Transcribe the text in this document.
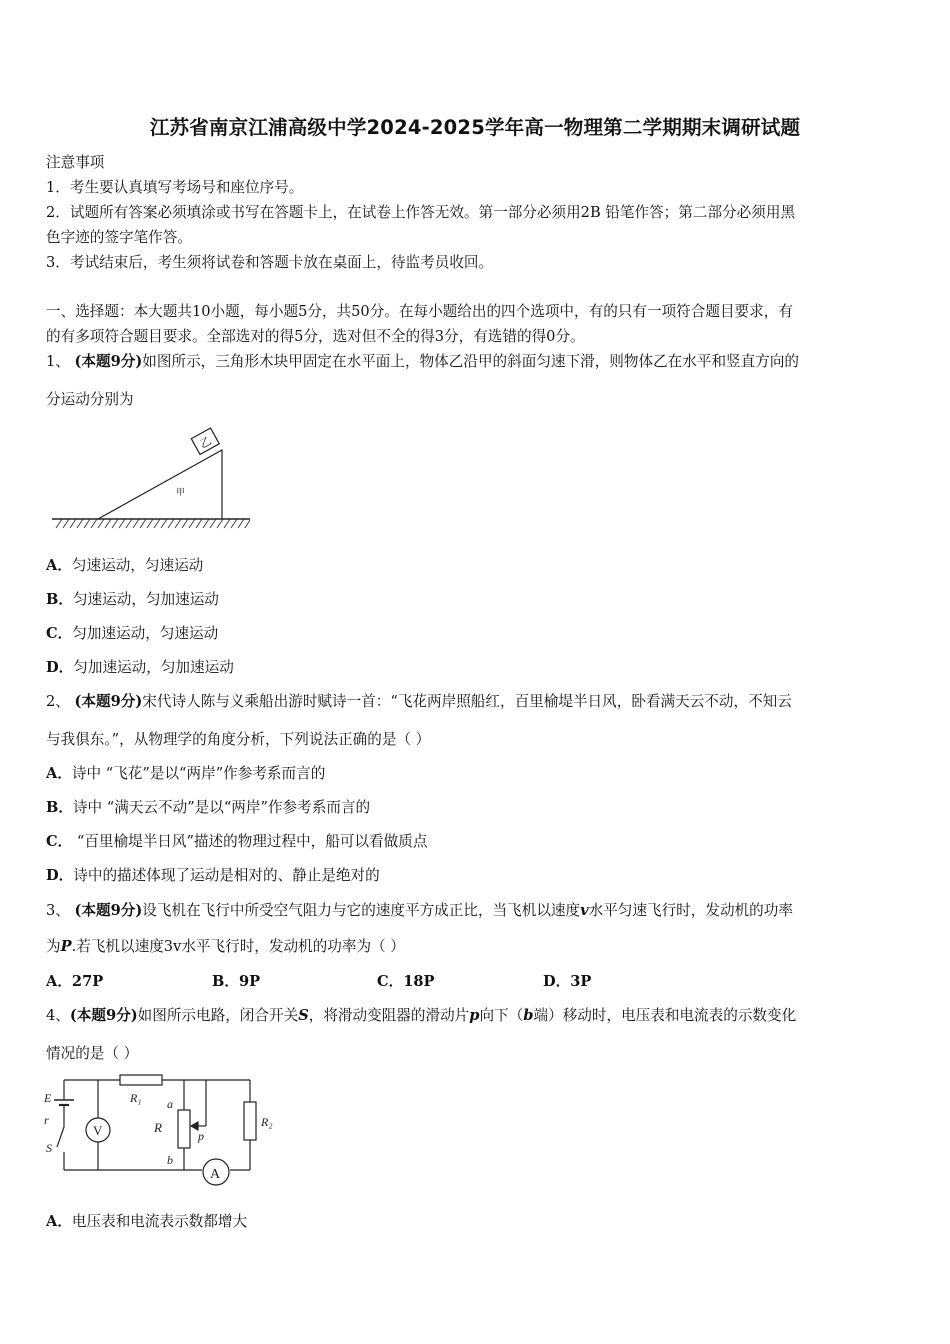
江苏省南京江浦高级中学2024-2025学年高一物理第二学期期末调研试题
注意事项
1．考生要认真填写考场号和座位序号。
2．试题所有答案必须填涂或书写在答题卡上，在试卷上作答无效。第一部分必须用2B 铅笔作答；第二部分必须用黑
色字迹的签字笔作答。
3．考试结束后，考生须将试卷和答题卡放在桌面上，待监考员收回。
一、选择题：本大题共10小题，每小题5分，共50分。在每小题给出的四个选项中，有的只有一项符合题目要求，有
的有多项符合题目要求。全部选对的得5分，选对但不全的得3分，有选错的得0分。
1、 (本题9分)如图所示，三角形木块甲固定在水平面上，物体乙沿甲的斜面匀速下滑，则物体乙在水平和竖直方向的
分运动分别为
乙
甲
A．匀速运动，匀速运动
B．匀速运动，匀加速运动
C．匀加速运动，匀速运动
D．匀加速运动，匀加速运动
2、 (本题9分)宋代诗人陈与义乘船出游时赋诗一首：“飞花两岸照船红，百里榆堤半日风，卧看满天云不动，不知云
与我俱东。”，从物理学的角度分析，下列说法正确的是（ ）
A．诗中 “飞花”是以“两岸”作参考系而言的
B．诗中 “满天云不动”是以“两岸”作参考系而言的
C． “百里榆堤半日风”描述的物理过程中，船可以看做质点
D．诗中的描述体现了运动是相对的、静止是绝对的
3、 (本题9分)设飞机在飞行中所受空气阻力与它的速度平方成正比，当飞机以速度v水平匀速飞行时，发动机的功率
为P.若飞机以速度3v水平飞行时，发动机的功率为（ ）
A．27P	B．9P	C．18P	D．3P
4、(本题9分)如图所示电路，闭合开关S，将滑动变阻器的滑动片p向下（b端）移动时，电压表和电流表的示数变化
情况的是（ ）
E
r
S
V
R₁
R
a
b
p
R₂
A
A．电压表和电流表示数都增大
